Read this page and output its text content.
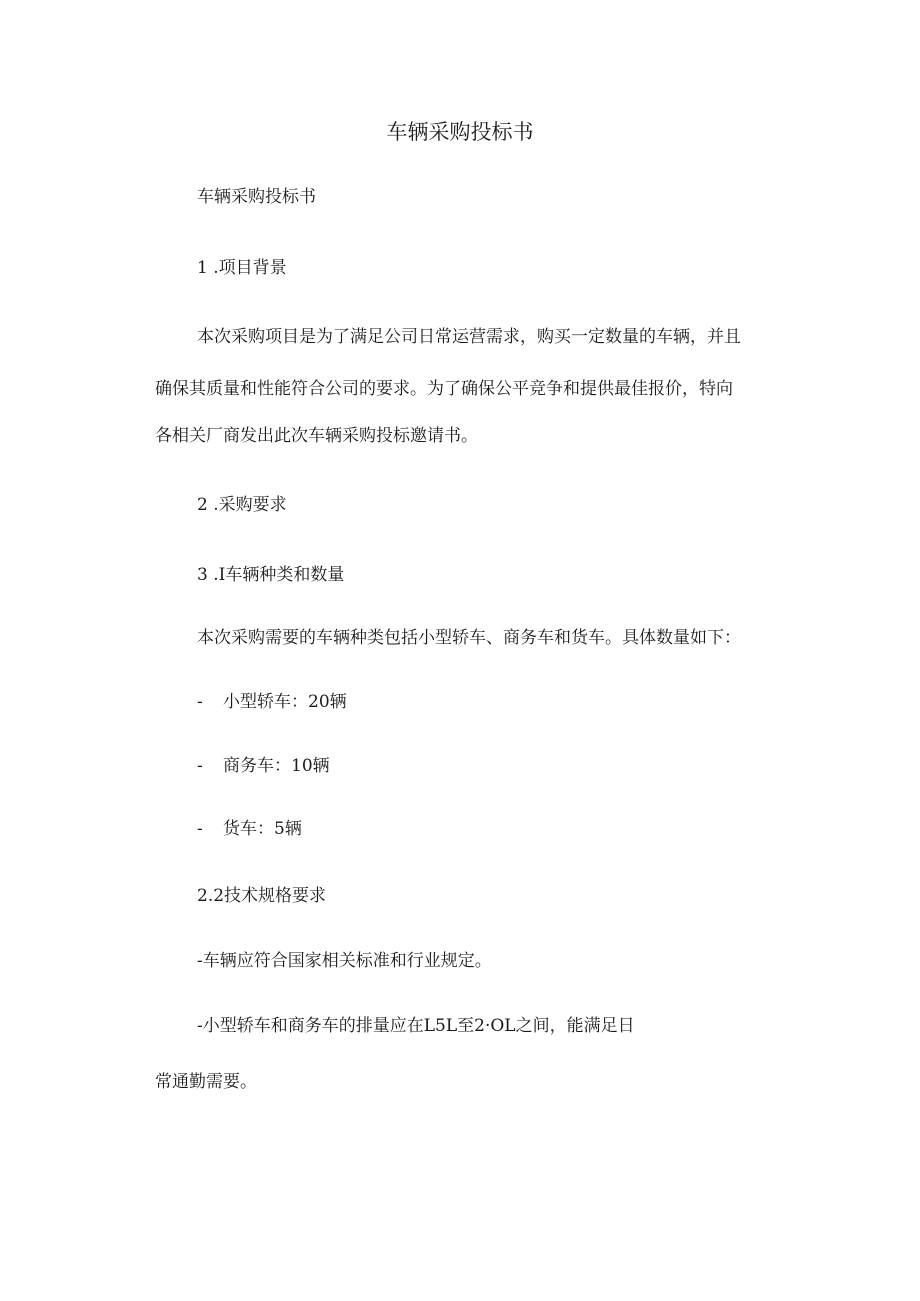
车辆采购投标书

车辆采购投标书

1 .项目背景

本次采购项目是为了满足公司日常运营需求，购买一定数量的车辆，并且

确保其质量和性能符合公司的要求。为了确保公平竞争和提供最佳报价，特向

各相关厂商发出此次车辆采购投标邀请书。

2 .采购要求

3 .I车辆种类和数量

本次采购需要的车辆种类包括小型轿车、商务车和货车。具体数量如下：

- 小型轿车：20辆

- 商务车：10辆

- 货车：5辆

2.2技术规格要求

-车辆应符合国家相关标准和行业规定。

-小型轿车和商务车的排量应在L5L至2·OL之间，能满足日

常通勤需要。
